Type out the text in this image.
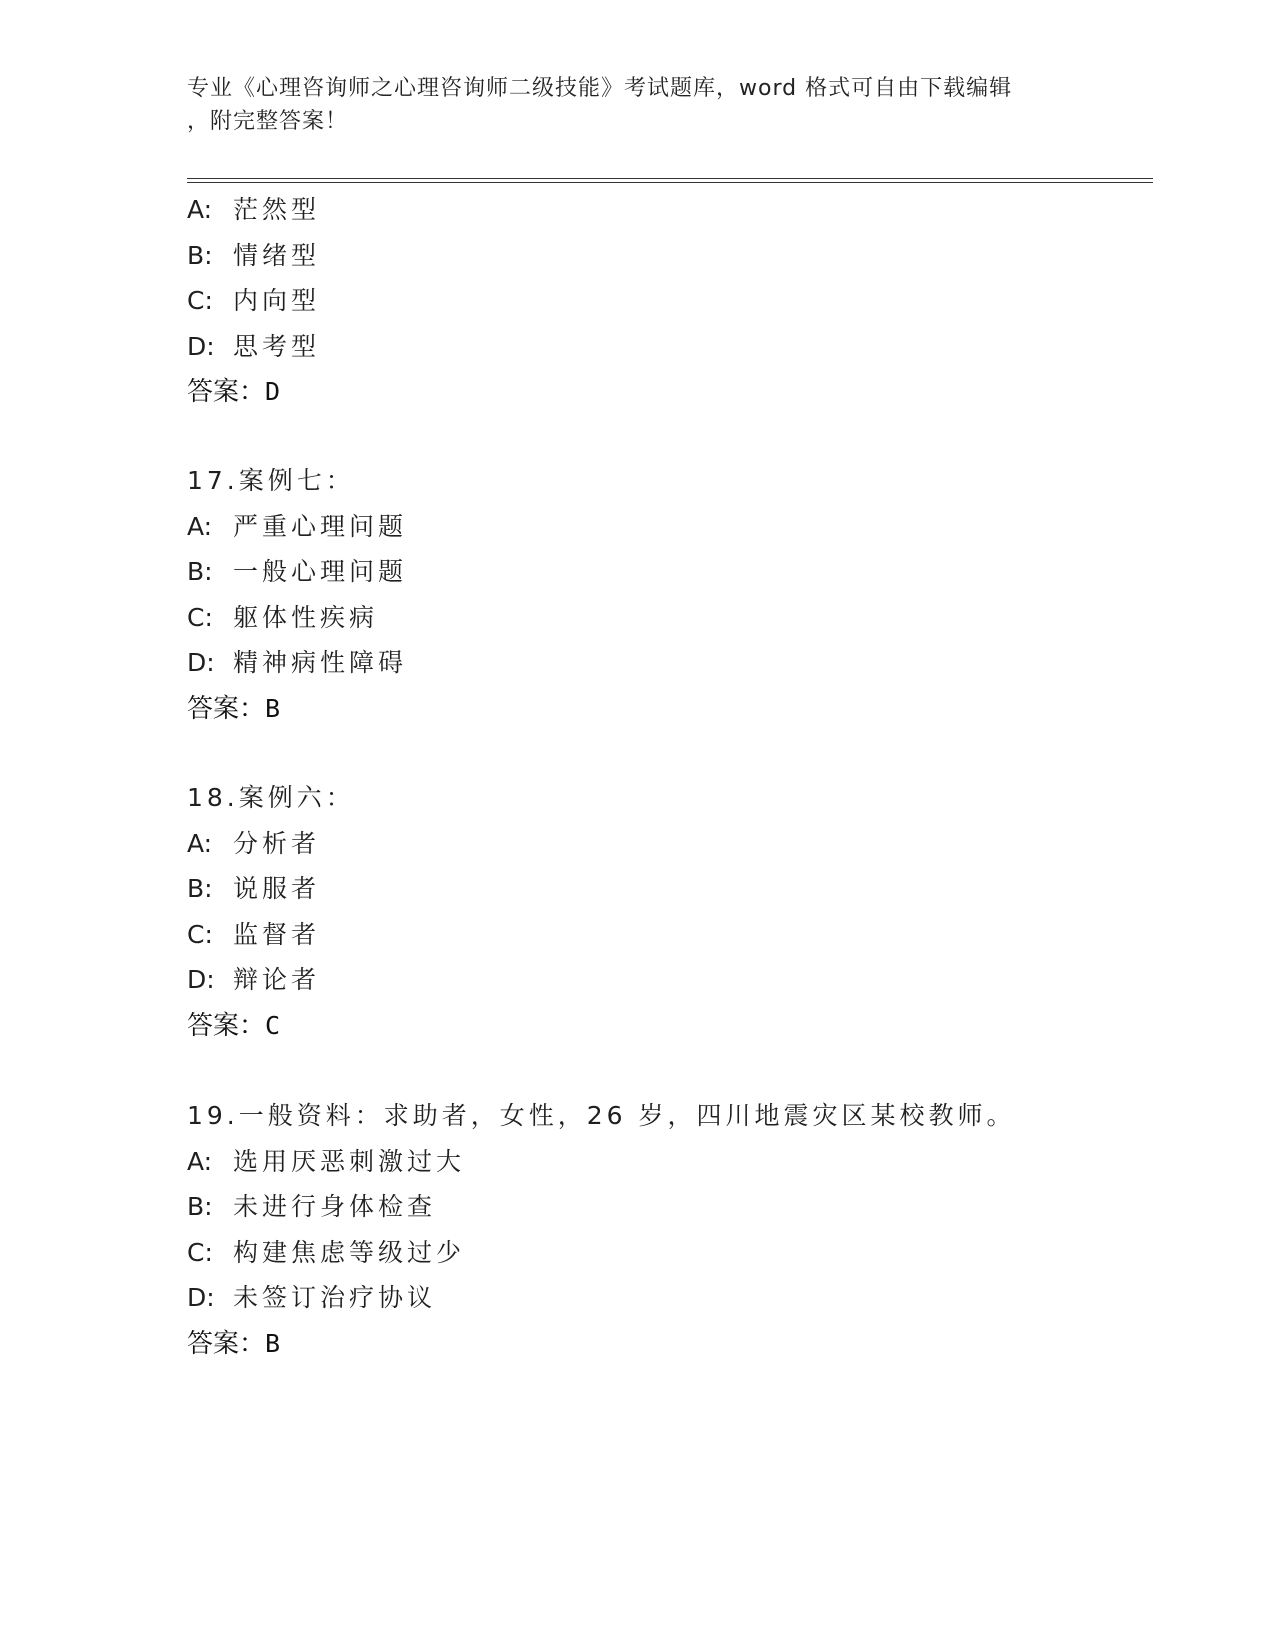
专业《心理咨询师之心理咨询师二级技能》考试题库，word 格式可自由下载编辑
，附完整答案！
A: 茫然型
B: 情绪型
C: 内向型
D: 思考型
答案：D
17.案例七：
A: 严重心理问题
B: 一般心理问题
C: 躯体性疾病
D: 精神病性障碍
答案：B
18.案例六：
A: 分析者
B: 说服者
C: 监督者
D: 辩论者
答案：C
19.一般资料：求助者，女性，26 岁，四川地震灾区某校教师。
A: 选用厌恶刺激过大
B: 未进行身体检查
C: 构建焦虑等级过少
D: 未签订治疗协议
答案：B
